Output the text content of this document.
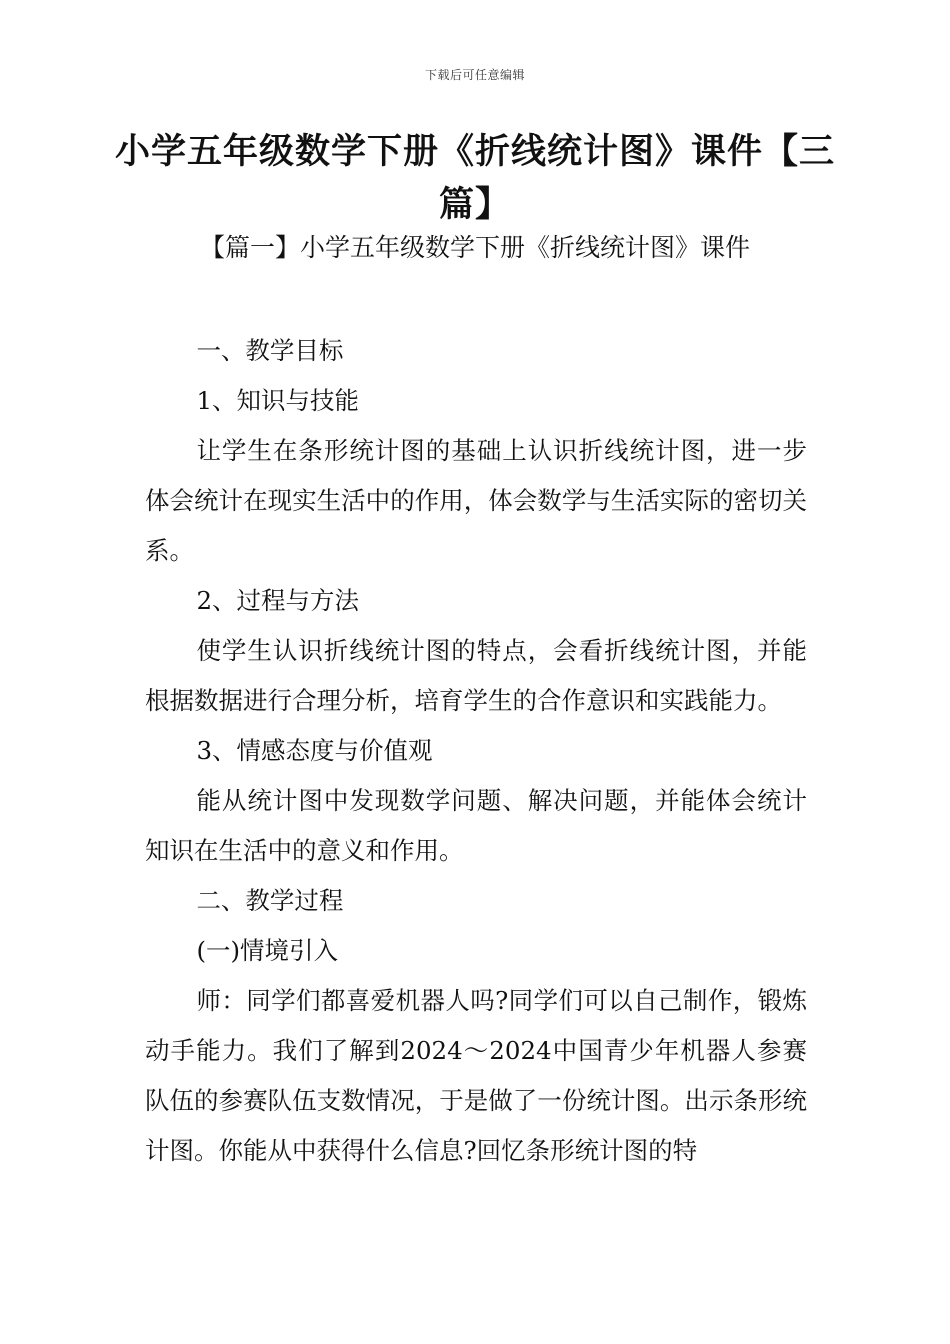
下载后可任意编辑
小学五年级数学下册《折线统计图》课件【三篇】
【篇一】小学五年级数学下册《折线统计图》课件

一、教学目标

1、知识与技能

让学生在条形统计图的基础上认识折线统计图，进一步体会统计在现实生活中的作用，体会数学与生活实际的密切关系。

2、过程与方法

使学生认识折线统计图的特点，会看折线统计图，并能根据数据进行合理分析，培育学生的合作意识和实践能力。

3、情感态度与价值观

能从统计图中发现数学问题、解决问题，并能体会统计知识在生活中的意义和作用。

二、教学过程

(一)情境引入

师：同学们都喜爱机器人吗?同学们可以自己制作，锻炼动手能力。我们了解到2024～2024中国青少年机器人参赛队伍的参赛队伍支数情况，于是做了一份统计图。出示条形统计图。你能从中获得什么信息?回忆条形统计图的特
